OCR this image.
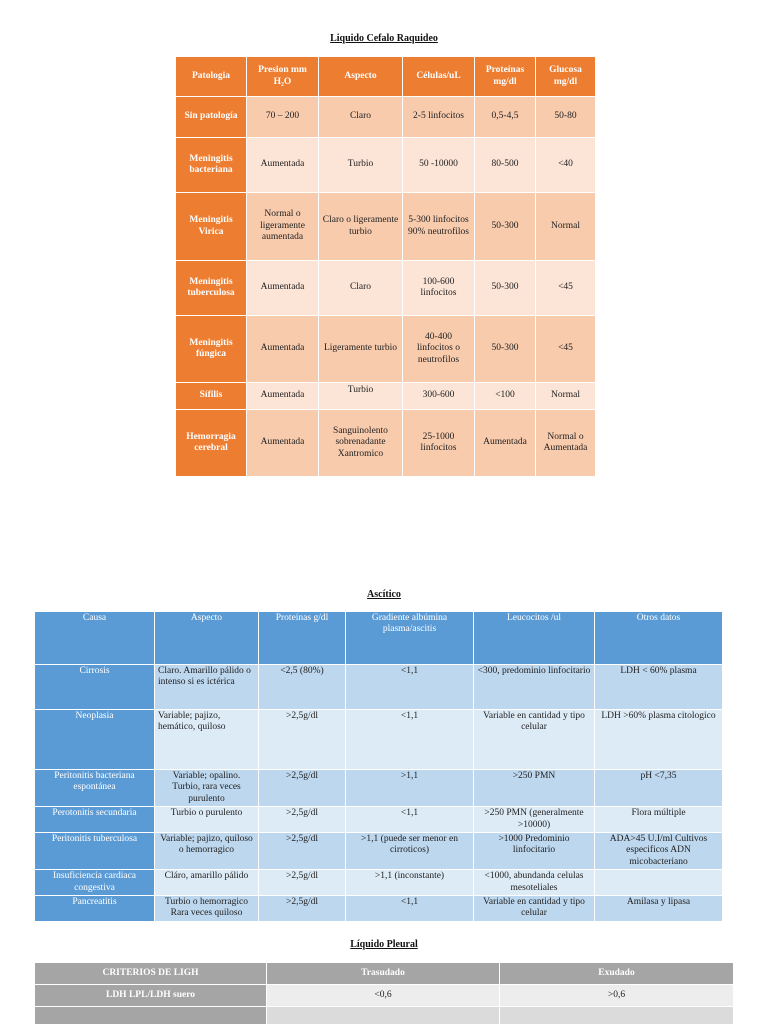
Liquido Cefalo Raquideo
Patologia	Presion mm H₂O	Aspecto	Células/uL	Proteínas mg/dl	Glucosa mg/dl
Sin patología	70 – 200	Claro	2-5 linfocitos	0,5-4,5	50-80
Meningitis bacteriana	Aumentada	Turbio	50 -10000	80-500	<40
Meningitis Virica	Normal o ligeramente aumentada	Claro o ligeramente turbio	5-300 linfocitos 90% neutrofilos	50-300	Normal
Meningitis tuberculosa	Aumentada	Claro	100-600 linfocitos	50-300	<45
Meningitis fúngica	Aumentada	Ligeramente turbio	40-400 linfocitos o neutrofilos	50-300	<45
Sífilis	Aumentada	Turbio	300-600	<100	Normal
Hemorragia cerebral	Aumentada	Sanguinolento sobrenadante Xantromico	25-1000 linfocitos	Aumentada	Normal o Aumentada
Ascítico
Causa	Aspecto	Proteínas g/dl	Gradiente albúmina plasma/ascitis	Leucocitos /ul	Otros datos
Cirrosis	Claro. Amarillo pálido o intenso si es ictérica	<2,5 (80%)	<1,1	<300, predominio linfocitario	LDH < 60% plasma
Neoplasia	Variable; pajizo, hemático, quiloso	>2,5g/dl	<1,1	Variable en cantidad y tipo celular	LDH >60% plasma citologico
Peritonitis bacteriana espontánea	Variable; opalino. Turbio, rara veces purulento	>2,5g/dl	>1,1	>250 PMN	pH <7,35
Perotonitis secundaria	Turbio o purulento	>2,5g/dl	<1,1	>250 PMN (generalmente >10000)	Flora múltiple
Peritonitis tuberculosa	Variable; pajizo, quiloso o hemorragico	>2,5g/dl	>1,1 (puede ser menor en cirroticos)	>1000 Predominio linfocitario	ADA>45 U.I/ml Cultivos especificos ADN micobacteriano
Insuficiencia cardiaca congestiva	Cláro, amarillo pálido	>2,5g/dl	>1,1 (inconstante)	<1000, abundanda celulas mesoteliales	
Pancreatitis	Turbio o hemorragico Rara veces quiloso	>2,5g/dl	<1,1	Variable en cantidad y tipo celular	Amilasa y lipasa
Líquido Pleural
CRITERIOS DE LIGH	Trasudado	Exudado
LDH LPL/LDH suero	<0,6	>0,6
